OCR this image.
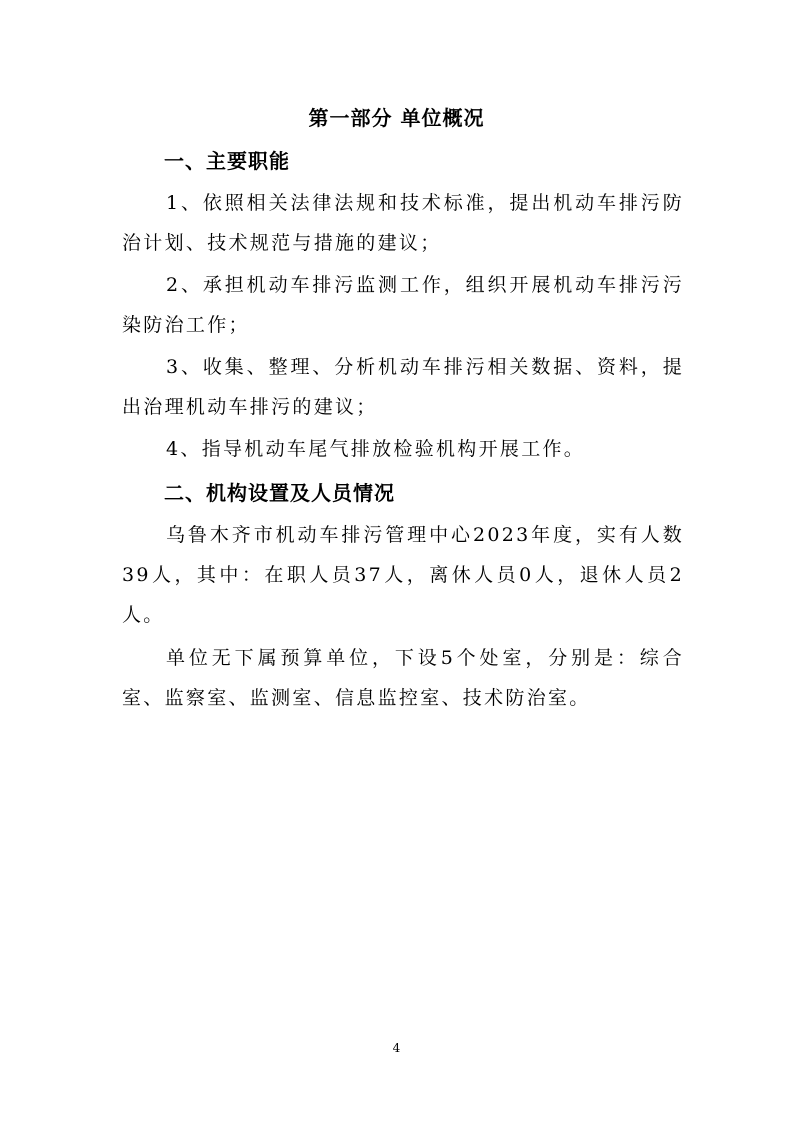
第一部分 单位概况
一、主要职能

1、依照相关法律法规和技术标准，提出机动车排污防治计划、技术规范与措施的建议；

2、承担机动车排污监测工作，组织开展机动车排污污染防治工作；

3、收集、整理、分析机动车排污相关数据、资料，提出治理机动车排污的建议；

4、指导机动车尾气排放检验机构开展工作。

二、机构设置及人员情况

乌鲁木齐市机动车排污管理中心2023年度，实有人数39人，其中：在职人员37人，离休人员0人，退休人员2人。

单位无下属预算单位，下设5个处室，分别是：综合室、监察室、监测室、信息监控室、技术防治室。

4
